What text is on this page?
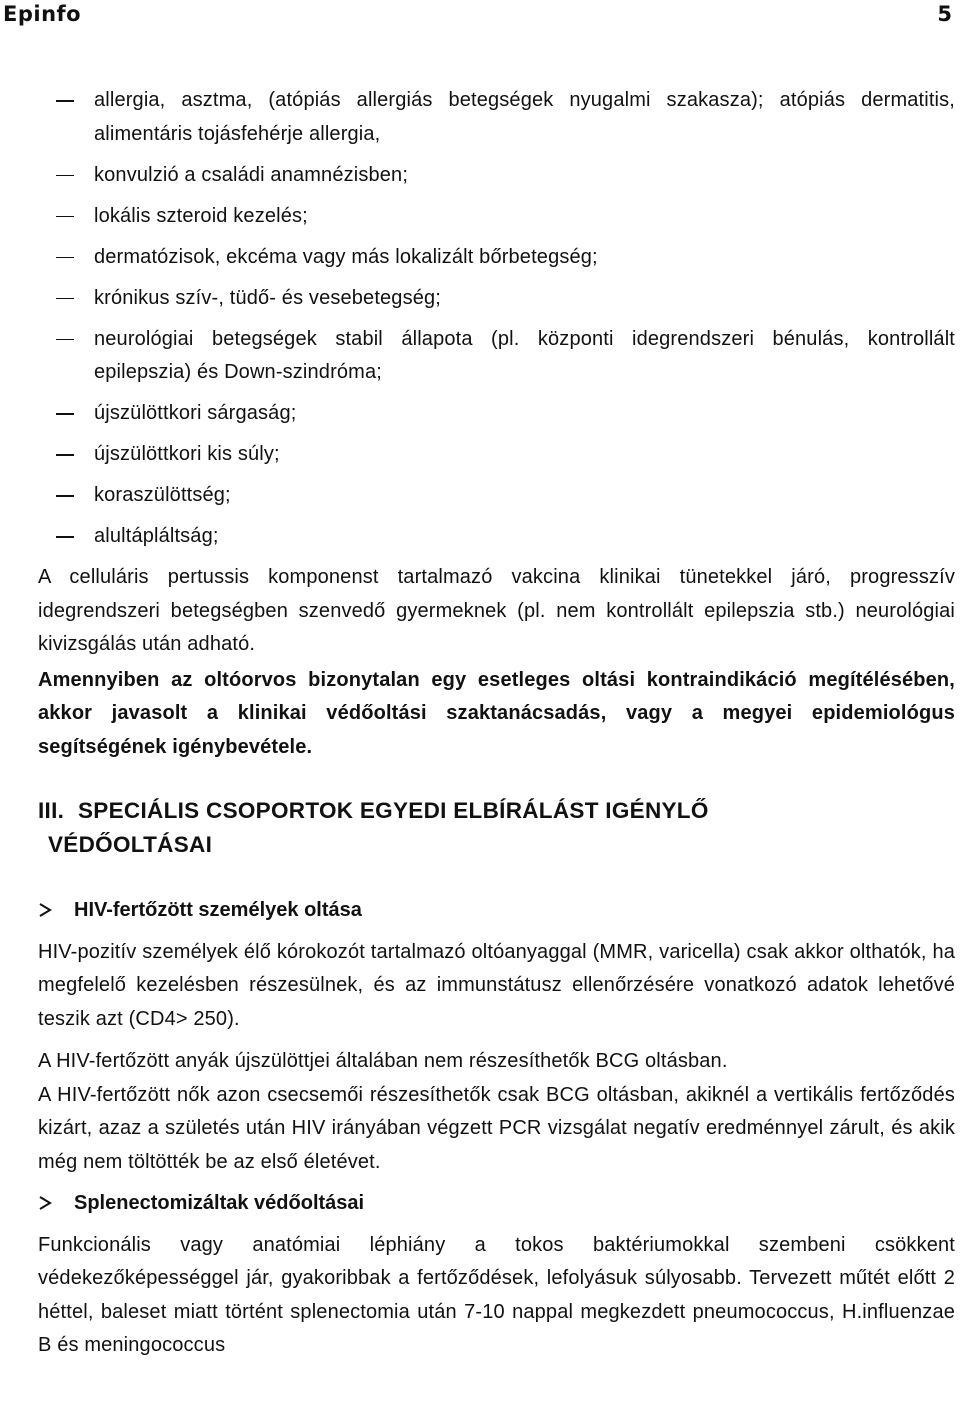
Epinfo	5
allergia, asztma, (atópiás allergiás betegségek nyugalmi szakasza); atópiás dermatitis, alimentáris tojásfehérje allergia,
konvulzió a családi anamnézisben;
lokális szteroid kezelés;
dermatózisok, ekcéma vagy más lokalizált bőrbetegség;
krónikus szív-, tüdő- és vesebetegség;
neurológiai betegségek stabil állapota (pl. központi idegrendszeri bénulás, kontrollált epilepszia) és Down-szindróma;
újszülöttkori sárgaság;
újszülöttkori kis súly;
koraszülöttség;
alultápláltság;

A celluláris pertussis komponenst tartalmazó vakcina klinikai tünetekkel járó, progresszív idegrendszeri betegségben szenvedő gyermeknek (pl. nem kontrollált epilepszia stb.) neurológiai kivizsgálás után adható.

Amennyiben az oltóorvos bizonytalan egy esetleges oltási kontraindikáció megítélésében, akkor javasolt a klinikai védőoltási szaktanácsadás, vagy a megyei epidemiológus segítségének igénybevétele.

III. SPECIÁLIS CSOPORTOK EGYEDI ELBÍRÁLÁST IGÉNYLŐ
VÉDŐOLTÁSAI

HIV-fertőzött személyek oltása

HIV-pozitív személyek élő kórokozót tartalmazó oltóanyaggal (MMR, varicella) csak akkor olthatók, ha megfelelő kezelésben részesülnek, és az immunstátusz ellenőrzésére vonatkozó adatok lehetővé teszik azt (CD4> 250).

A HIV-fertőzött anyák újszülöttjei általában nem részesíthetők BCG oltásban.

A HIV-fertőzött nők azon csecsemői részesíthetők csak BCG oltásban, akiknél a vertikális fertőződés kizárt, azaz a születés után HIV irányában végzett PCR vizsgálat negatív eredménnyel zárult, és akik még nem töltötték be az első életévet.

Splenectomizáltak védőoltásai

Funkcionális vagy anatómiai léphiány a tokos baktériumokkal szembeni csökkent védekezőképességgel jár, gyakoribbak a fertőződések, lefolyásuk súlyosabb. Tervezett műtét előtt 2 héttel, baleset miatt történt splenectomia után 7-10 nappal megkezdett pneumococcus, H.influenzae B és meningococcus
